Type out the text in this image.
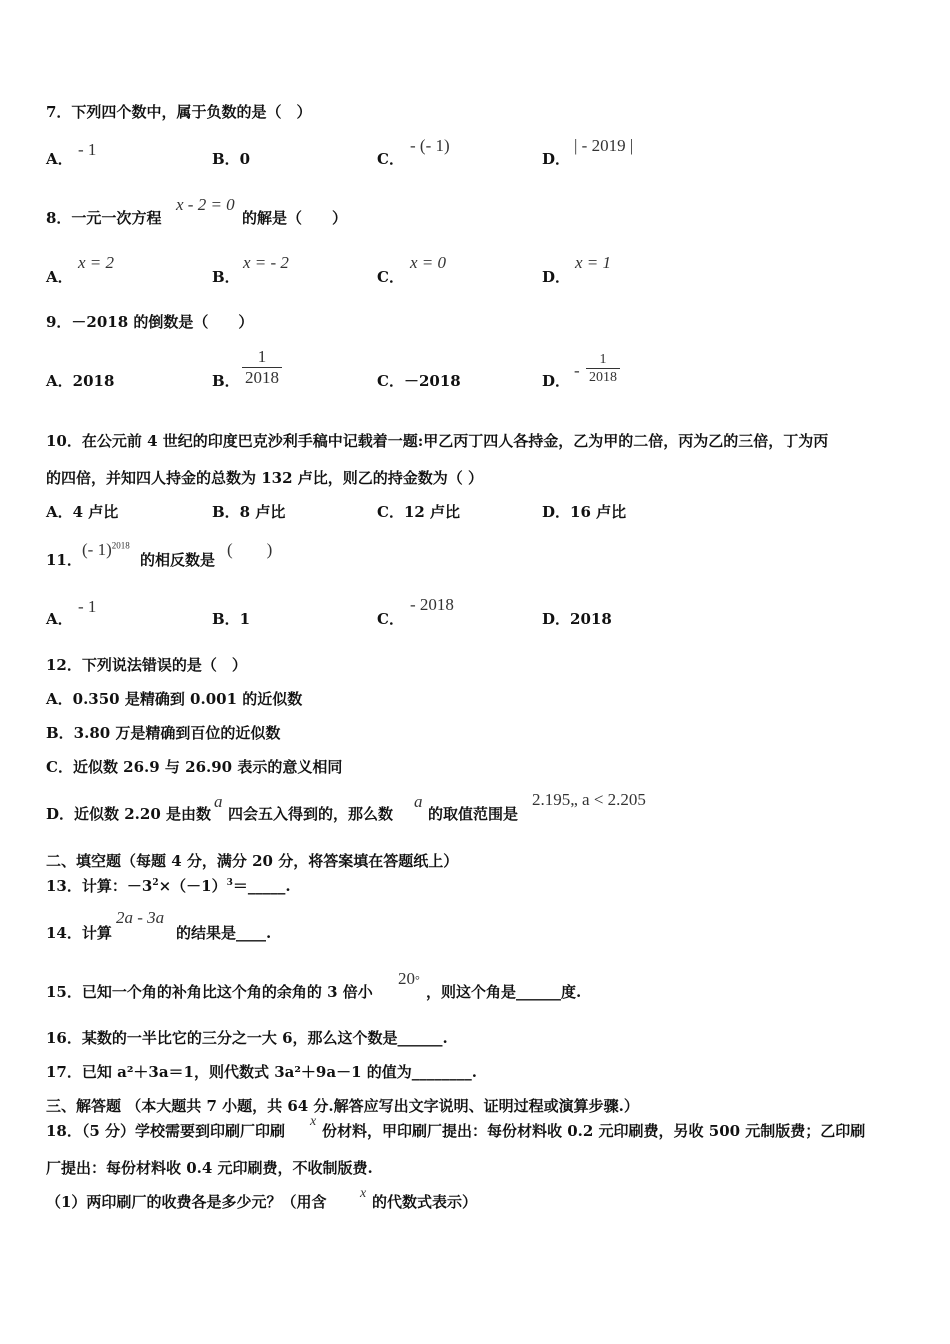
7．下列四个数中，属于负数的是（　）
A． - 1	B．0	C．
- (- 1)
D．
| - 2019 |
8．一元一次方程
x - 2 = 0
的解是（　　）
A．
x = 2
B．
x = - 2
C．
x = 0
D．
x = 1
9．－2018 的倒数是（　　）
A．2018	B．
1
2018	C．－2018	D．
-
1
2018
10．在公元前 4 世纪的印度巴克沙利手稿中记载着一题:甲乙丙丁四人各持金，乙为甲的二倍，丙为乙的三倍，丁为丙
的四倍，并知四人持金的总数为 132 卢比，则乙的持金数为（ ）
A．4 卢比	B．8 卢比	C．12 卢比	D．16 卢比
11．
(- 1)$^{2018}$
的相反数是
(　　)
A．
- 1
B．1	C．
- 2018
D．2018
12．下列说法错误的是（　）
A．0.350 是精确到 0.001 的近似数
B．3.80 万是精确到百位的近似数
C．近似数 26.9 与 26.90 表示的意义相同
D．近似数 2.20 是由数
a
四会五入得到的，那么数
a
的取值范围是
2.195„ a < 2.205
二、填空题（每题 4 分，满分 20 分，将答案填在答题纸上）
13．计算：$-3^2\times(-1)^3=\_\_\_\_\_$.
14．计算
2a - 3a
的结果是____.
15．已知一个角的补角比这个角的余角的 3 倍小
20°
，则这个角是______度.
16．某数的一半比它的三分之一大 6，那么这个数是______.
17．已知 a²＋3a＝1，则代数式 3a²＋9a－1 的值为________.
三、解答题 （本大题共 7 小题，共 64 分.解答应写出文字说明、证明过程或演算步骤.）
18．（5 分）学校需要到印刷厂印刷
x
份材料，甲印刷厂提出：每份材料收 0.2 元印刷费，另收 500 元制版费；乙印刷
厂提出：每份材料收 0.4 元印刷费，不收制版费.
（1）两印刷厂的收费各是多少元？（用含 x 的代数式表示）
